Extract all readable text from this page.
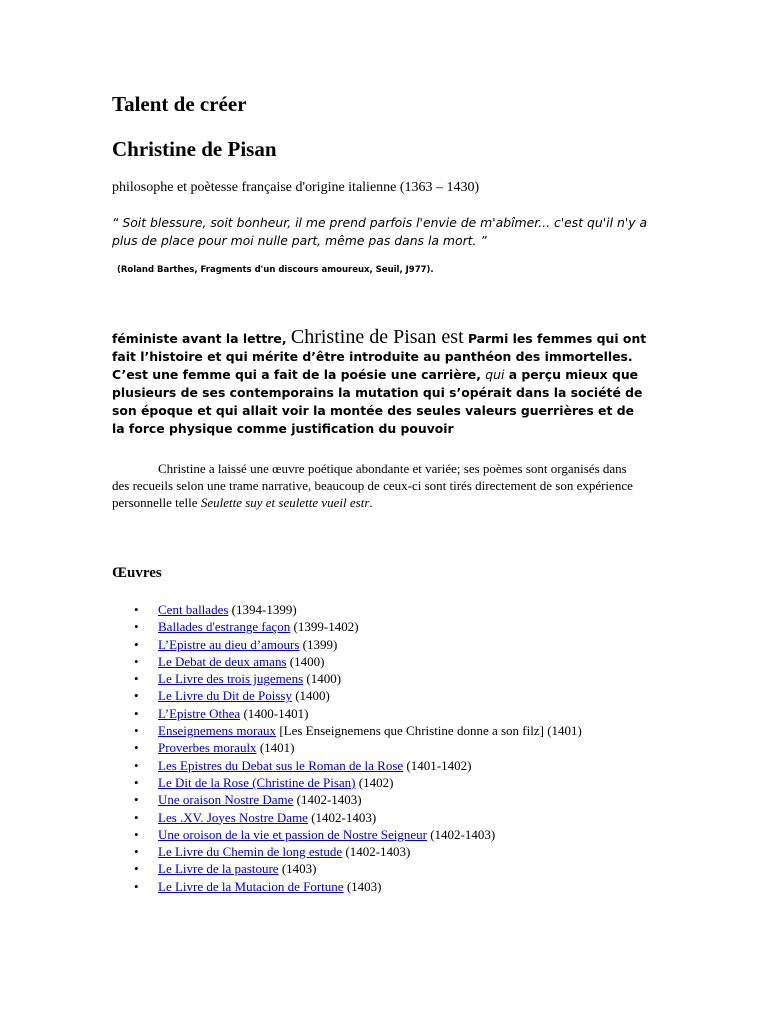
Talent de créer
Christine de Pisan

philosophe et poètesse française d'origine italienne (1363 – 1430)

“ Soit blessure, soit bonheur, il me prend parfois l'envie de m'abîmer... c'est qu'il n'y a plus de place pour moi nulle part, même pas dans la mort. ”

(Roland Barthes, Fragments d'un discours amoureux, Seuil, J977).

féministe avant la lettre, Christine de Pisan est Parmi les femmes qui ont fait l’histoire et qui mérite d’être introduite au panthéon des immortelles. C’est une femme qui a fait de la poésie une carrière, qui a perçu mieux que plusieurs de ses contemporains la mutation qui s’opérait dans la société de son époque et qui allait voir la montée des seules valeurs guerrières et de la force physique comme justification du pouvoir

Christine a laissé une œuvre poétique abondante et variée; ses poèmes sont organisés dans des recueils selon une trame narrative, beaucoup de ceux-ci sont tirés directement de son expérience personnelle telle Seulette suy et seulette vueil estr.

Œuvres
• Cent ballades (1394-1399)
• Ballades d'estrange façon (1399-1402)
• L’Epistre au dieu d’amours (1399)
• Le Debat de deux amans (1400)
• Le Livre des trois jugemens (1400)
• Le Livre du Dit de Poissy (1400)
• L’Epistre Othea (1400-1401)
• Enseignemens moraux [Les Enseignemens que Christine donne a son filz] (1401)
• Proverbes moraulx (1401)
• Les Epistres du Debat sus le Roman de la Rose (1401-1402)
• Le Dit de la Rose (Christine de Pisan) (1402)
• Une oraison Nostre Dame (1402-1403)
• Les .XV. Joyes Nostre Dame (1402-1403)
• Une oroison de la vie et passion de Nostre Seigneur (1402-1403)
• Le Livre du Chemin de long estude (1402-1403)
• Le Livre de la pastoure (1403)
• Le Livre de la Mutacion de Fortune (1403)
